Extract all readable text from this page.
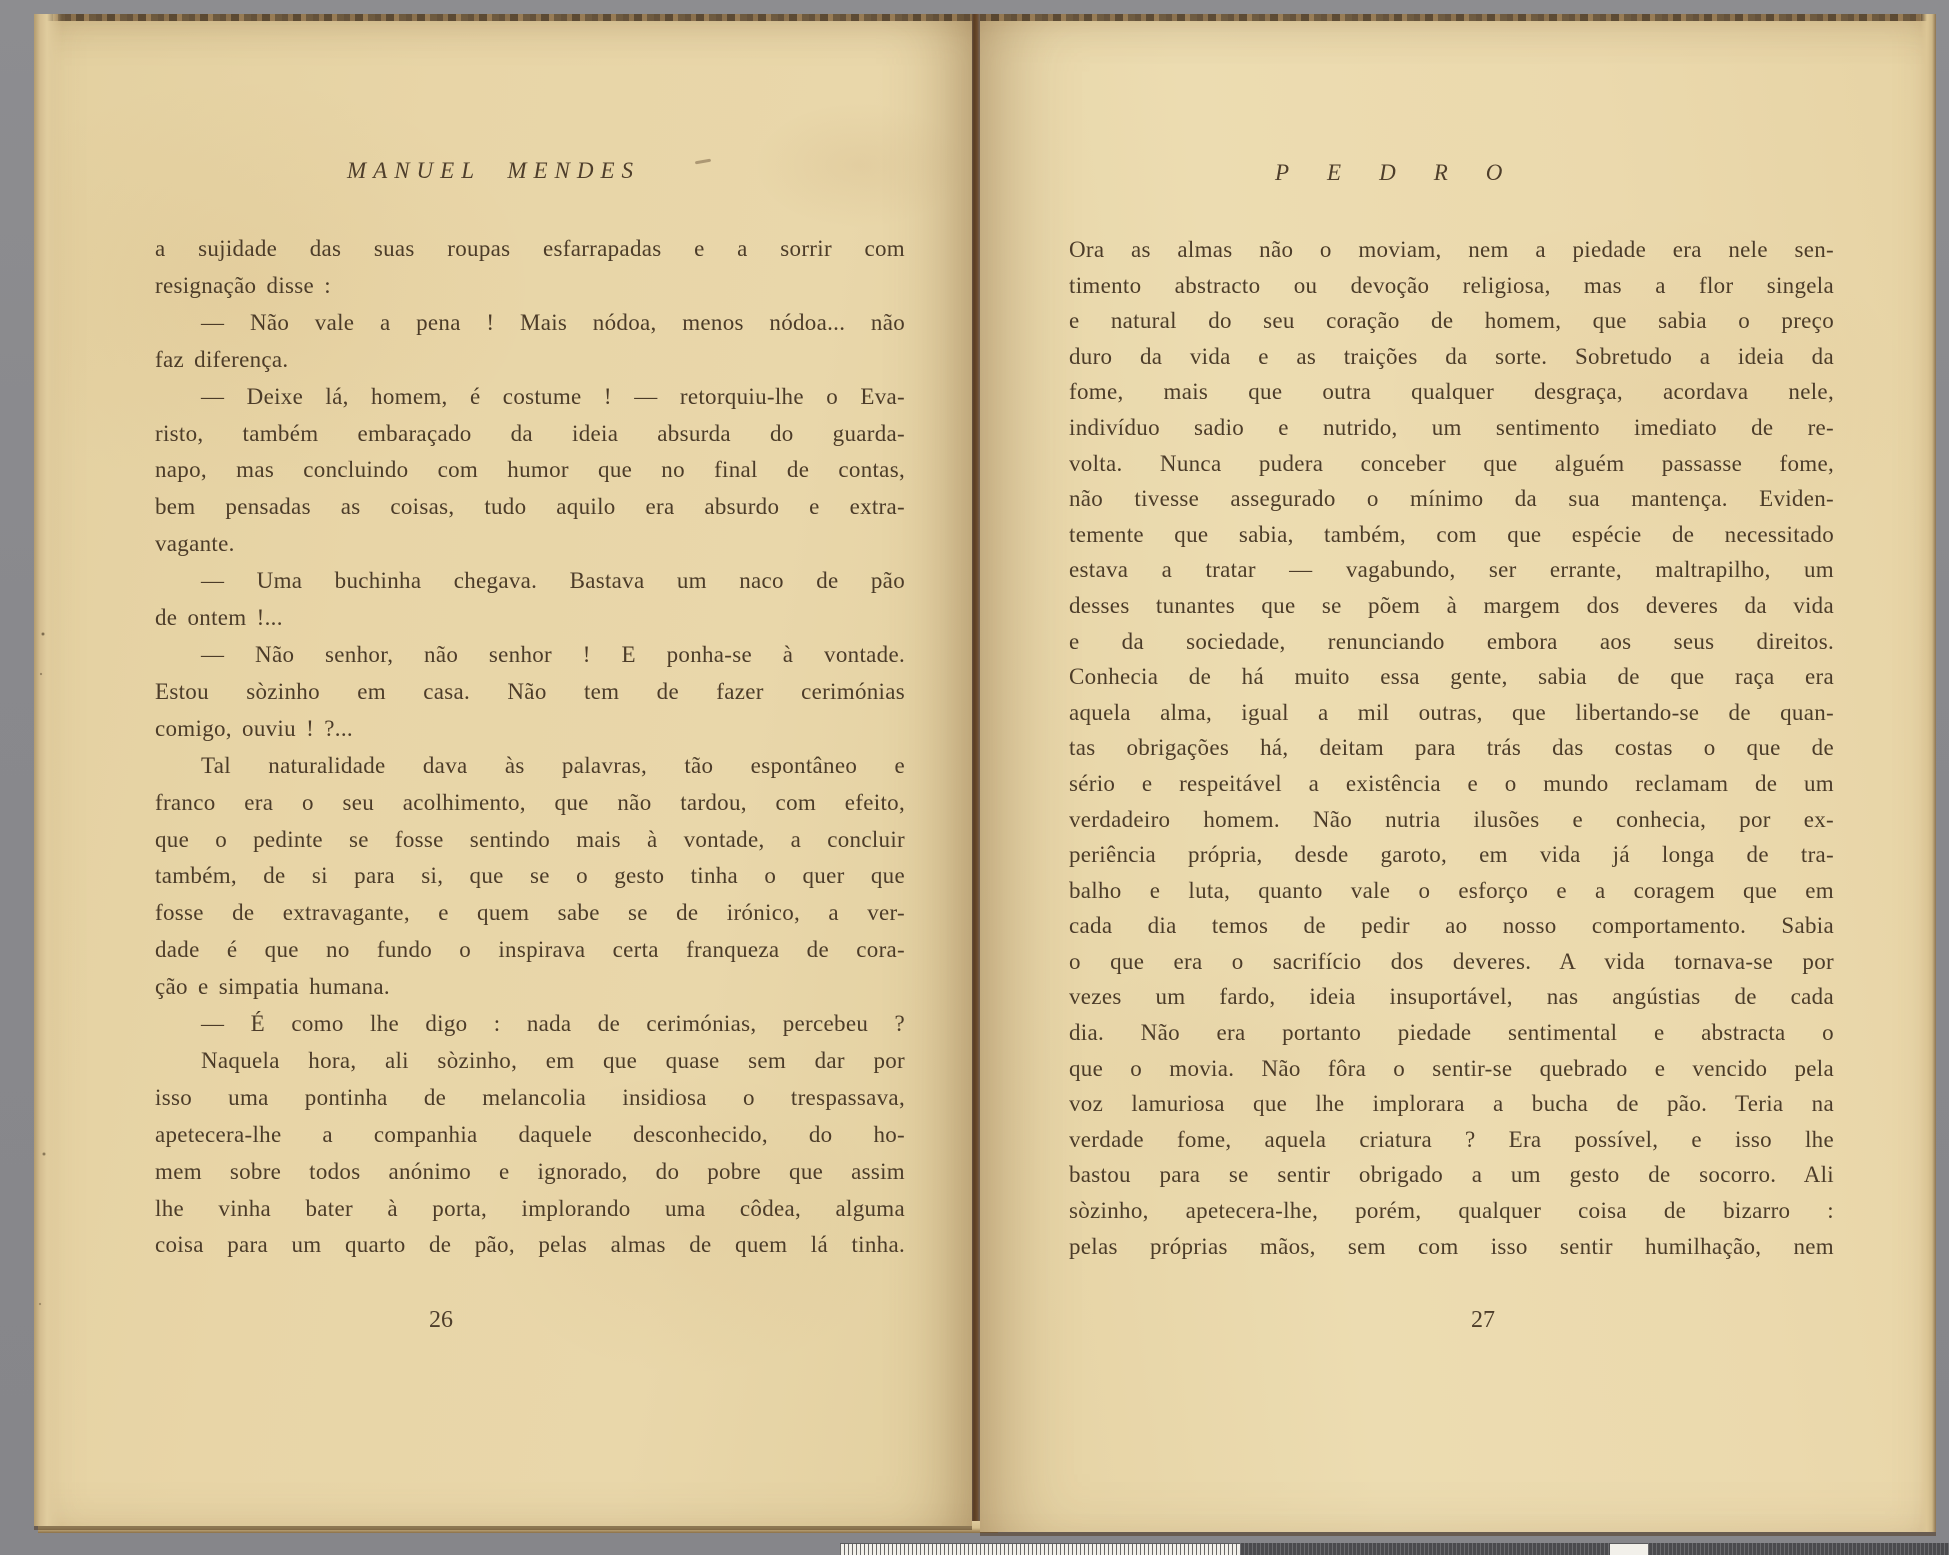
MANUEL MENDES
a sujidade das suas roupas esfarrapadas e a sorrir com
resignação disse :
— Não vale a pena ! Mais nódoa, menos nódoa... não
faz diferença.
— Deixe lá, homem, é costume ! — retorquiu-lhe o Eva-
risto, também embaraçado da ideia absurda do guarda-
napo, mas concluindo com humor que no final de contas,
bem pensadas as coisas, tudo aquilo era absurdo e extra-
vagante.
— Uma buchinha chegava. Bastava um naco de pão
de ontem !...
— Não senhor, não senhor ! E ponha-se à vontade.
Estou sòzinho em casa. Não tem de fazer cerimónias
comigo, ouviu ! ?...
Tal naturalidade dava às palavras, tão espontâneo e
franco era o seu acolhimento, que não tardou, com efeito,
que o pedinte se fosse sentindo mais à vontade, a concluir
também, de si para si, que se o gesto tinha o quer que
fosse de extravagante, e quem sabe se de irónico, a ver-
dade é que no fundo o inspirava certa franqueza de cora-
ção e simpatia humana.
— É como lhe digo : nada de cerimónias, percebeu ?
Naquela hora, ali sòzinho, em que quase sem dar por
isso uma pontinha de melancolia insidiosa o trespassava,
apetecera-lhe a companhia daquele desconhecido, do ho-
mem sobre todos anónimo e ignorado, do pobre que assim
lhe vinha bater à porta, implorando uma côdea, alguma
coisa para um quarto de pão, pelas almas de quem lá tinha.
26
PEDRO
Ora as almas não o moviam, nem a piedade era nele sen-
timento abstracto ou devoção religiosa, mas a flor singela
e natural do seu coração de homem, que sabia o preço
duro da vida e as traições da sorte. Sobretudo a ideia da
fome, mais que outra qualquer desgraça, acordava nele,
indivíduo sadio e nutrido, um sentimento imediato de re-
volta. Nunca pudera conceber que alguém passasse fome,
não tivesse assegurado o mínimo da sua mantença. Eviden-
temente que sabia, também, com que espécie de necessitado
estava a tratar — vagabundo, ser errante, maltrapilho, um
desses tunantes que se põem à margem dos deveres da vida
e da sociedade, renunciando embora aos seus direitos.
Conhecia de há muito essa gente, sabia de que raça era
aquela alma, igual a mil outras, que libertando-se de quan-
tas obrigações há, deitam para trás das costas o que de
sério e respeitável a existência e o mundo reclamam de um
verdadeiro homem. Não nutria ilusões e conhecia, por ex-
periência própria, desde garoto, em vida já longa de tra-
balho e luta, quanto vale o esforço e a coragem que em
cada dia temos de pedir ao nosso comportamento. Sabia
o que era o sacrifício dos deveres. A vida tornava-se por
vezes um fardo, ideia insuportável, nas angústias de cada
dia. Não era portanto piedade sentimental e abstracta o
que o movia. Não fôra o sentir-se quebrado e vencido pela
voz lamuriosa que lhe implorara a bucha de pão. Teria na
verdade fome, aquela criatura ? Era possível, e isso lhe
bastou para se sentir obrigado a um gesto de socorro. Ali
sòzinho, apetecera-lhe, porém, qualquer coisa de bizarro :
pelas próprias mãos, sem com isso sentir humilhação, nem
27
